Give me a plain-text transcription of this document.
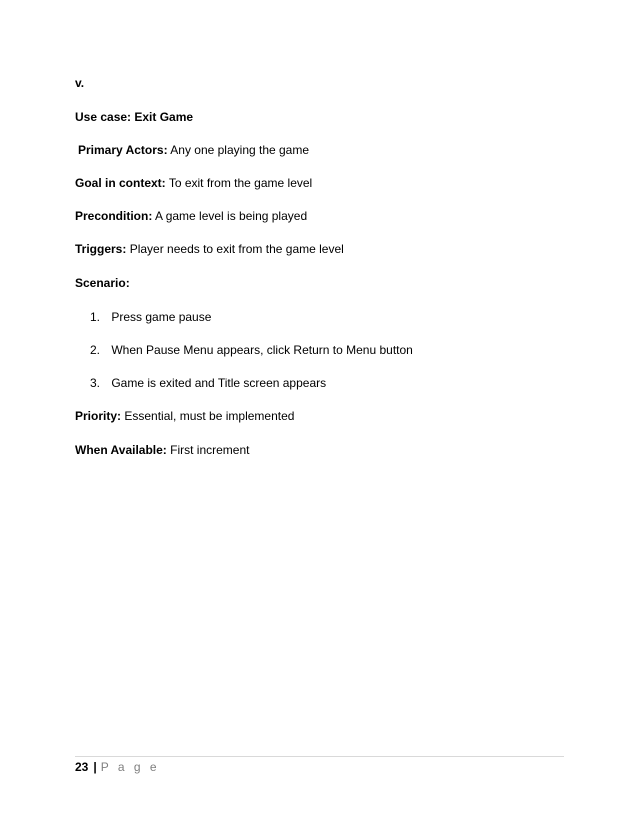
v.
Use case: Exit Game
Primary Actors: Any one playing the game
Goal in context: To exit from the game level
Precondition: A game level is being played
Triggers: Player needs to exit from the game level
Scenario:
1. Press game pause
2. When Pause Menu appears, click Return to Menu button
3. Game is exited and Title screen appears
Priority: Essential, must be implemented
When Available: First increment
23 | P a g e
